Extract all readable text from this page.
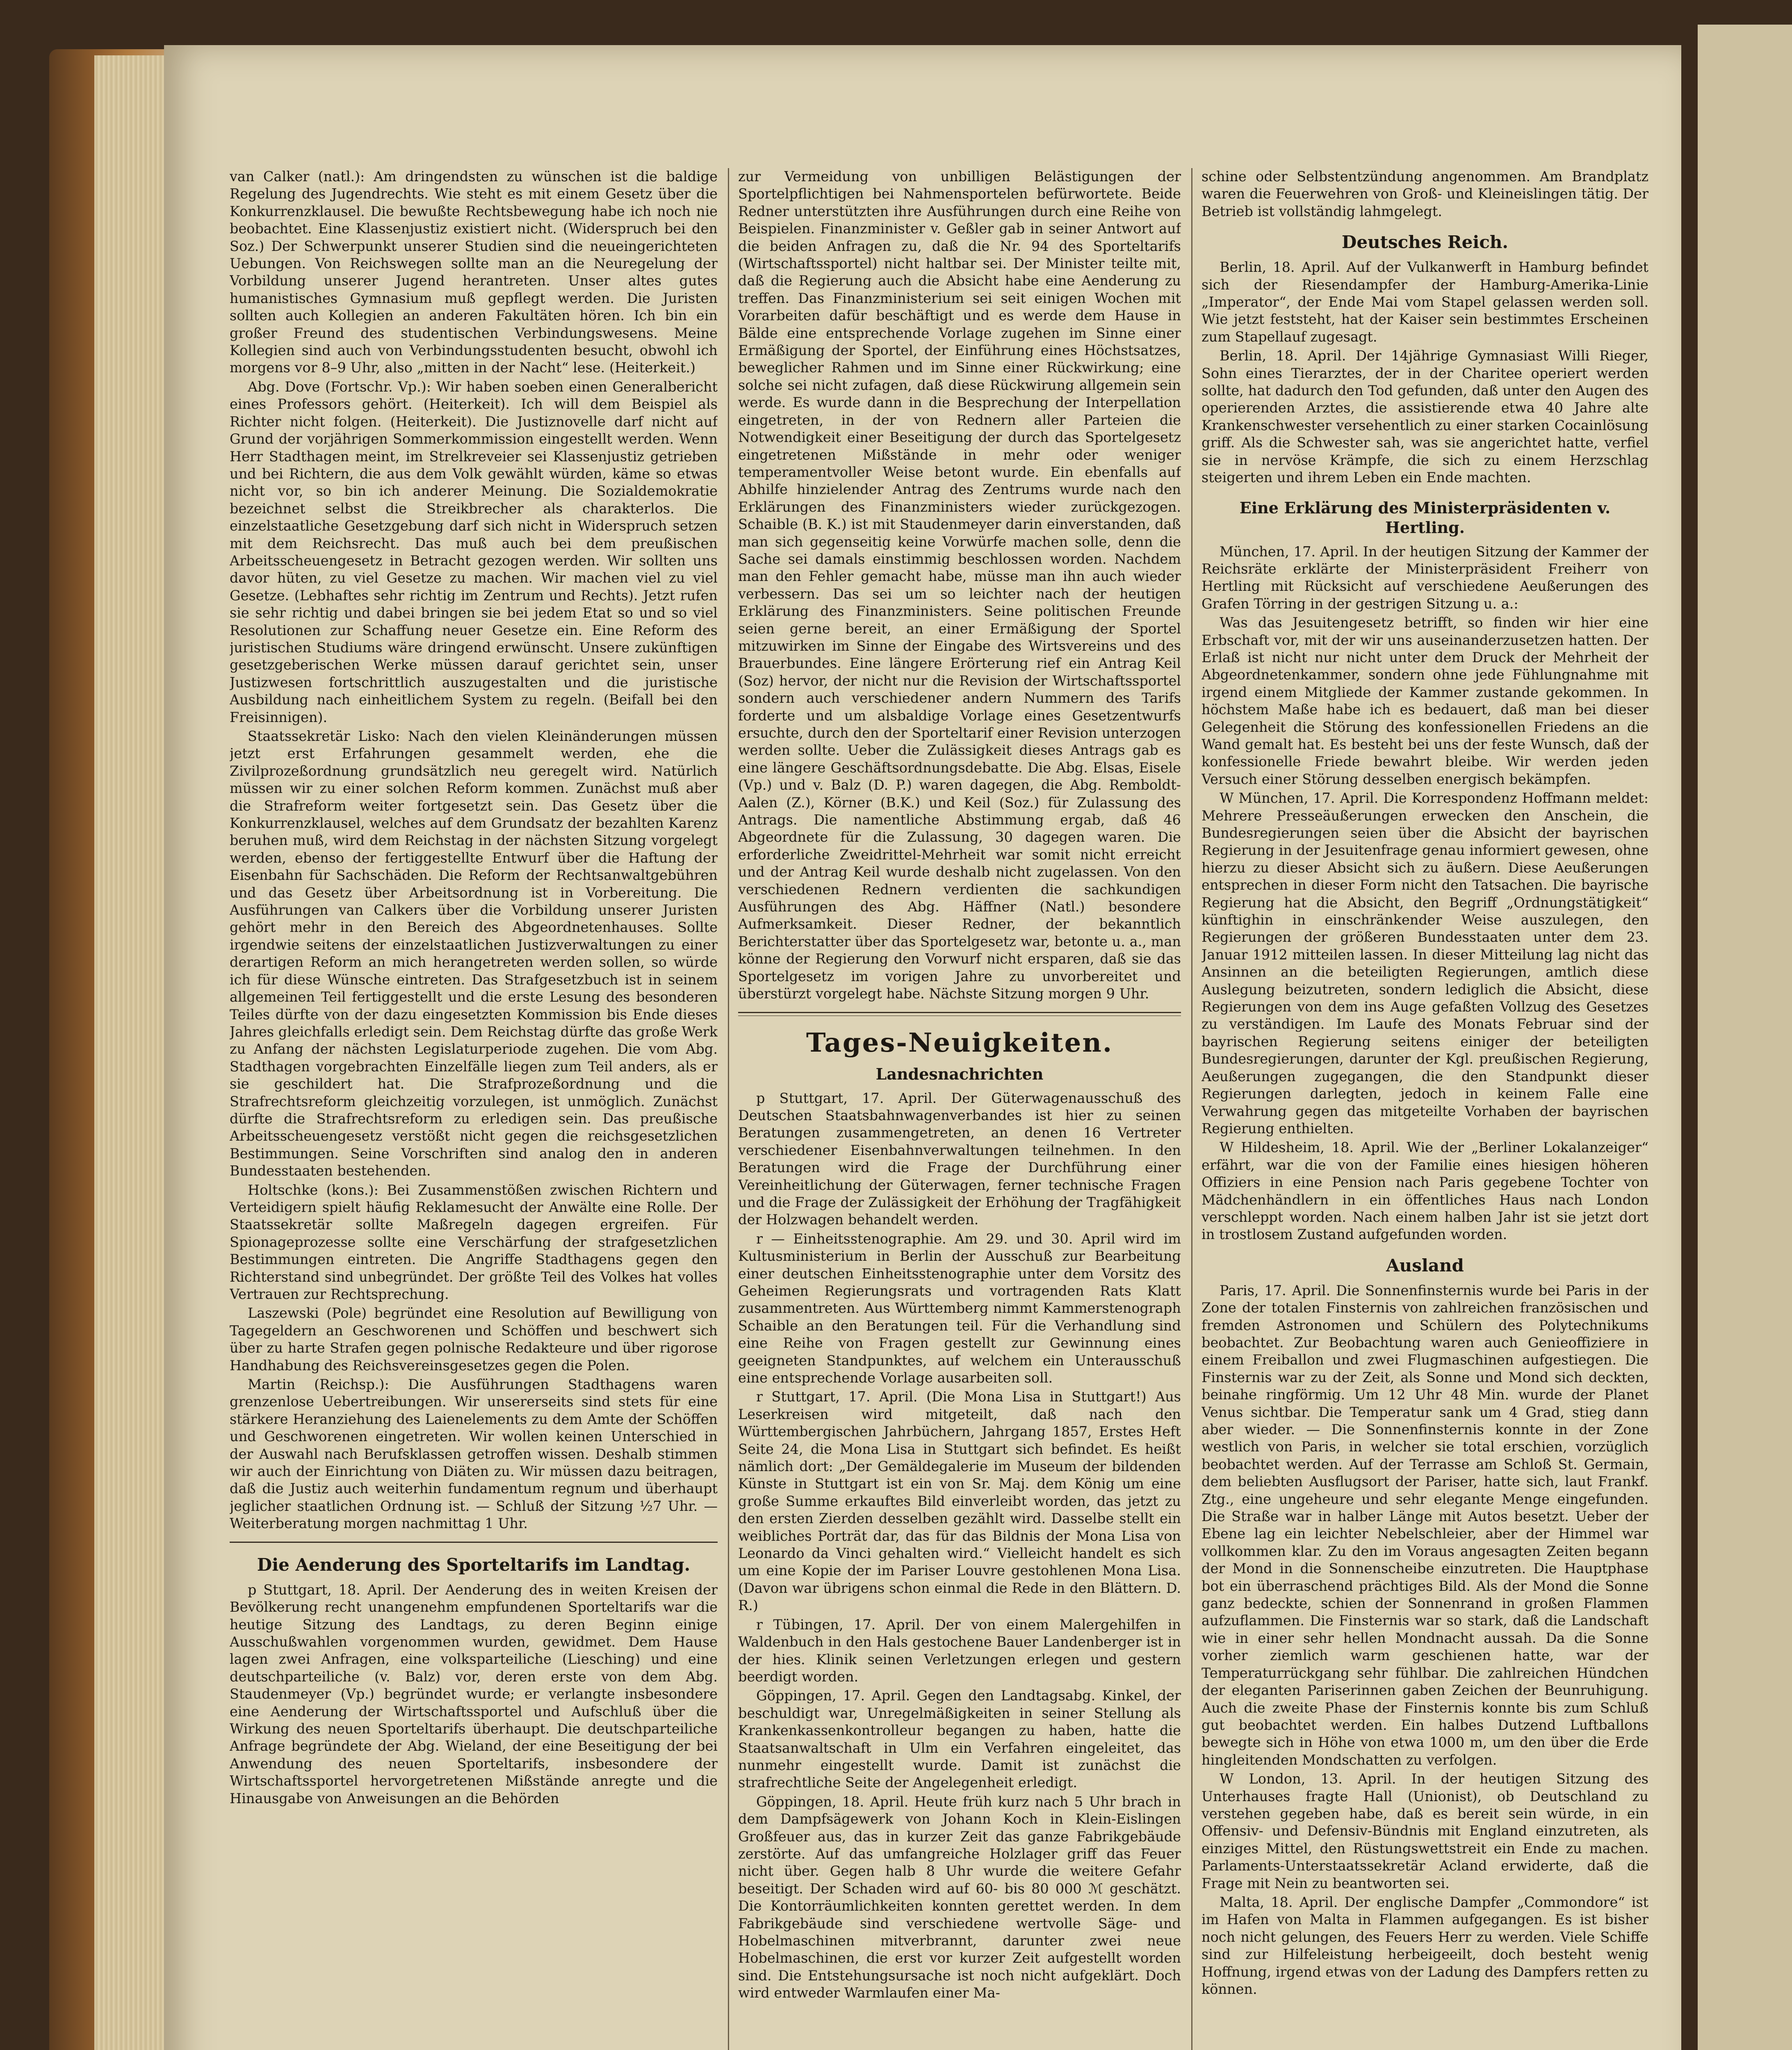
van Calker (natl.): Am dringendsten zu wünschen ist die baldige Regelung des Jugendrechts. Wie steht es mit einem Gesetz über die Konkurrenzklausel. Die bewußte Rechtsbewegung habe ich noch nie beobachtet. Eine Klassenjustiz existiert nicht. (Widerspruch bei den Soz.) Der Schwerpunkt unserer Studien sind die neueingerichteten Uebungen. Von Reichswegen sollte man an die Neuregelung der Vorbildung unserer Jugend herantreten. Unser altes gutes humanistisches Gymnasium muß gepflegt werden. Die Juristen sollten auch Kollegien an anderen Fakultäten hören. Ich bin ein großer Freund des studentischen Verbindungswesens. Meine Kollegien sind auch von Verbindungsstudenten besucht, obwohl ich morgens vor 8–9 Uhr, also „mitten in der Nacht“ lese. (Heiterkeit.)

Abg. Dove (Fortschr. Vp.): Wir haben soeben einen Generalbericht eines Professors gehört. (Heiterkeit). Ich will dem Beispiel als Richter nicht folgen. (Heiterkeit). Die Justiznovelle darf nicht auf Grund der vorjährigen Sommerkommission eingestellt werden. Wenn Herr Stadthagen meint, im Strelkreveier sei Klassenjustiz getrieben und bei Richtern, die aus dem Volk gewählt würden, käme so etwas nicht vor, so bin ich anderer Meinung. Die Sozialdemokratie bezeichnet selbst die Streikbrecher als charakterlos. Die einzelstaatliche Gesetzgebung darf sich nicht in Widerspruch setzen mit dem Reichsrecht. Das muß auch bei dem preußischen Arbeitsscheuengesetz in Betracht gezogen werden. Wir sollten uns davor hüten, zu viel Gesetze zu machen. Wir machen viel zu viel Gesetze. (Lebhaftes sehr richtig im Zentrum und Rechts). Jetzt rufen sie sehr richtig und dabei bringen sie bei jedem Etat so und so viel Resolutionen zur Schaffung neuer Gesetze ein. Eine Reform des juristischen Studiums wäre dringend erwünscht. Unsere zukünftigen gesetzgeberischen Werke müssen darauf gerichtet sein, unser Justizwesen fortschrittlich auszugestalten und die juristische Ausbildung nach einheitlichem System zu regeln. (Beifall bei den Freisinnigen).

Staatssekretär Lisko: Nach den vielen Kleinänderungen müssen jetzt erst Erfahrungen gesammelt werden, ehe die Zivilprozeßordnung grundsätzlich neu geregelt wird. Natürlich müssen wir zu einer solchen Reform kommen. Zunächst muß aber die Strafreform weiter fortgesetzt sein. Das Gesetz über die Konkurrenzklausel, welches auf dem Grundsatz der bezahlten Karenz beruhen muß, wird dem Reichstag in der nächsten Sitzung vorgelegt werden, ebenso der fertiggestellte Entwurf über die Haftung der Eisenbahn für Sachschäden. Die Reform der Rechtsanwaltgebühren und das Gesetz über Arbeitsordnung ist in Vorbereitung. Die Ausführungen van Calkers über die Vorbildung unserer Juristen gehört mehr in den Bereich des Abgeordnetenhauses. Sollte irgendwie seitens der einzelstaatlichen Justizverwaltungen zu einer derartigen Reform an mich herangetreten werden sollen, so würde ich für diese Wünsche eintreten. Das Strafgesetzbuch ist in seinem allgemeinen Teil fertiggestellt und die erste Lesung des besonderen Teiles dürfte von der dazu eingesetzten Kommission bis Ende dieses Jahres gleichfalls erledigt sein. Dem Reichstag dürfte das große Werk zu Anfang der nächsten Legislaturperiode zugehen. Die vom Abg. Stadthagen vorgebrachten Einzelfälle liegen zum Teil anders, als er sie geschildert hat. Die Strafprozeßordnung und die Strafrechtsreform gleichzeitig vorzulegen, ist unmöglich. Zunächst dürfte die Strafrechtsreform zu erledigen sein. Das preußische Arbeitsscheuengesetz verstößt nicht gegen die reichsgesetzlichen Bestimmungen. Seine Vorschriften sind analog den in anderen Bundesstaaten bestehenden.

Holtschke (kons.): Bei Zusammenstößen zwischen Richtern und Verteidigern spielt häufig Reklamesucht der Anwälte eine Rolle. Der Staatssekretär sollte Maßregeln dagegen ergreifen. Für Spionageprozesse sollte eine Verschärfung der strafgesetzlichen Bestimmungen eintreten. Die Angriffe Stadthagens gegen den Richterstand sind unbegründet. Der größte Teil des Volkes hat volles Vertrauen zur Rechtsprechung.

Laszewski (Pole) begründet eine Resolution auf Bewilligung von Tagegeldern an Geschworenen und Schöffen und beschwert sich über zu harte Strafen gegen polnische Redakteure und über rigorose Handhabung des Reichsvereinsgesetzes gegen die Polen.

Martin (Reichsp.): Die Ausführungen Stadthagens waren grenzenlose Uebertreibungen. Wir unsererseits sind stets für eine stärkere Heranziehung des Laienelements zu dem Amte der Schöffen und Geschworenen eingetreten. Wir wollen keinen Unterschied in der Auswahl nach Berufsklassen getroffen wissen. Deshalb stimmen wir auch der Einrichtung von Diäten zu. Wir müssen dazu beitragen, daß die Justiz auch weiterhin fundamentum regnum und überhaupt jeglicher staatlichen Ordnung ist. — Schluß der Sitzung ½7 Uhr. — Weiterberatung morgen nachmittag 1 Uhr.

Die Aenderung des Sporteltarifs im Landtag.

p Stuttgart, 18. April. Der Aenderung des in weiten Kreisen der Bevölkerung recht unangenehm empfundenen Sporteltarifs war die heutige Sitzung des Landtags, zu deren Beginn einige Ausschußwahlen vorgenommen wurden, gewidmet. Dem Hause lagen zwei Anfragen, eine volksparteiliche (Liesching) und eine deutschparteiliche (v. Balz) vor, deren erste von dem Abg. Staudenmeyer (Vp.) begründet wurde; er verlangte insbesondere eine Aenderung der Wirtschaftssportel und Aufschluß über die Wirkung des neuen Sporteltarifs überhaupt. Die deutschparteiliche Anfrage begründete der Abg. Wieland, der eine Beseitigung der bei Anwendung des neuen Sporteltarifs, insbesondere der Wirtschaftssportel hervorgetretenen Mißstände anregte und die Hinausgabe von Anweisungen an die Behörden

zur Vermeidung von unbilligen Belästigungen der Sportelpflichtigen bei Nahmensportelen befürwortete. Beide Redner unterstützten ihre Ausführungen durch eine Reihe von Beispielen. Finanzminister v. Geßler gab in seiner Antwort auf die beiden Anfragen zu, daß die Nr. 94 des Sporteltarifs (Wirtschaftssportel) nicht haltbar sei. Der Minister teilte mit, daß die Regierung auch die Absicht habe eine Aenderung zu treffen. Das Finanzministerium sei seit einigen Wochen mit Vorarbeiten dafür beschäftigt und es werde dem Hause in Bälde eine entsprechende Vorlage zugehen im Sinne einer Ermäßigung der Sportel, der Einführung eines Höchstsatzes, beweglicher Rahmen und im Sinne einer Rückwirkung; eine solche sei nicht zufagen, daß diese Rückwirung allgemein sein werde. Es wurde dann in die Besprechung der Interpellation eingetreten, in der von Rednern aller Parteien die Notwendigkeit einer Beseitigung der durch das Sportelgesetz eingetretenen Mißstände in mehr oder weniger temperamentvoller Weise betont wurde. Ein ebenfalls auf Abhilfe hinzielender Antrag des Zentrums wurde nach den Erklärungen des Finanzministers wieder zurückgezogen. Schaible (B. K.) ist mit Staudenmeyer darin einverstanden, daß man sich gegenseitig keine Vorwürfe machen solle, denn die Sache sei damals einstimmig beschlossen worden. Nachdem man den Fehler gemacht habe, müsse man ihn auch wieder verbessern. Das sei um so leichter nach der heutigen Erklärung des Finanzministers. Seine politischen Freunde seien gerne bereit, an einer Ermäßigung der Sportel mitzuwirken im Sinne der Eingabe des Wirtsvereins und des Brauerbundes. Eine längere Erörterung rief ein Antrag Keil (Soz) hervor, der nicht nur die Revision der Wirtschaftssportel sondern auch verschiedener andern Nummern des Tarifs forderte und um alsbaldige Vorlage eines Gesetzentwurfs ersuchte, durch den der Sporteltarif einer Revision unterzogen werden sollte. Ueber die Zulässigkeit dieses Antrags gab es eine längere Geschäftsordnungsdebatte. Die Abg. Elsas, Eisele (Vp.) und v. Balz (D. P.) waren dagegen, die Abg. Remboldt-Aalen (Z.), Körner (B.K.) und Keil (Soz.) für Zulassung des Antrags. Die namentliche Abstimmung ergab, daß 46 Abgeordnete für die Zulassung, 30 dagegen waren. Die erforderliche Zweidrittel-Mehrheit war somit nicht erreicht und der Antrag Keil wurde deshalb nicht zugelassen. Von den verschiedenen Rednern verdienten die sachkundigen Ausführungen des Abg. Häffner (Natl.) besondere Aufmerksamkeit. Dieser Redner, der bekanntlich Berichterstatter über das Sportelgesetz war, betonte u. a., man könne der Regierung den Vorwurf nicht ersparen, daß sie das Sportelgesetz im vorigen Jahre zu unvorbereitet und überstürzt vorgelegt habe. Nächste Sitzung morgen 9 Uhr.

Tages-Neuigkeiten.
Landesnachrichten

p Stuttgart, 17. April. Der Güterwagenausschuß des Deutschen Staatsbahnwagenverbandes ist hier zu seinen Beratungen zusammengetreten, an denen 16 Vertreter verschiedener Eisenbahnverwaltungen teilnehmen. In den Beratungen wird die Frage der Durchführung einer Vereinheitlichung der Güterwagen, ferner technische Fragen und die Frage der Zulässigkeit der Erhöhung der Tragfähigkeit der Holzwagen behandelt werden.

r — Einheitsstenographie. Am 29. und 30. April wird im Kultusministerium in Berlin der Ausschuß zur Bearbeitung einer deutschen Einheitsstenographie unter dem Vorsitz des Geheimen Regierungsrats und vortragenden Rats Klatt zusammentreten. Aus Württemberg nimmt Kammerstenograph Schaible an den Beratungen teil. Für die Verhandlung sind eine Reihe von Fragen gestellt zur Gewinnung eines geeigneten Standpunktes, auf welchem ein Unterausschuß eine entsprechende Vorlage ausarbeiten soll.

r Stuttgart, 17. April. (Die Mona Lisa in Stuttgart!) Aus Leserkreisen wird mitgeteilt, daß nach den Württembergischen Jahrbüchern, Jahrgang 1857, Erstes Heft Seite 24, die Mona Lisa in Stuttgart sich befindet. Es heißt nämlich dort: „Der Gemäldegalerie im Museum der bildenden Künste in Stuttgart ist ein von Sr. Maj. dem König um eine große Summe erkauftes Bild einverleibt worden, das jetzt zu den ersten Zierden desselben gezählt wird. Dasselbe stellt ein weibliches Porträt dar, das für das Bildnis der Mona Lisa von Leonardo da Vinci gehalten wird.“ Vielleicht handelt es sich um eine Kopie der im Pariser Louvre gestohlenen Mona Lisa. (Davon war übrigens schon einmal die Rede in den Blättern. D. R.)

r Tübingen, 17. April. Der von einem Malergehilfen in Waldenbuch in den Hals gestochene Bauer Landenberger ist in der hies. Klinik seinen Verletzungen erlegen und gestern beerdigt worden.

Göppingen, 17. April. Gegen den Landtagsabg. Kinkel, der beschuldigt war, Unregelmäßigkeiten in seiner Stellung als Krankenkassenkontrolleur begangen zu haben, hatte die Staatsanwaltschaft in Ulm ein Verfahren eingeleitet, das nunmehr eingestellt wurde. Damit ist zunächst die strafrechtliche Seite der Angelegenheit erledigt.

Göppingen, 18. April. Heute früh kurz nach 5 Uhr brach in dem Dampfsägewerk von Johann Koch in Klein-Eislingen Großfeuer aus, das in kurzer Zeit das ganze Fabrikgebäude zerstörte. Auf das umfangreiche Holzlager griff das Feuer nicht über. Gegen halb 8 Uhr wurde die weitere Gefahr beseitigt. Der Schaden wird auf 60- bis 80 000 ℳ geschätzt. Die Kontorräumlichkeiten konnten gerettet werden. In dem Fabrikgebäude sind verschiedene wertvolle Säge- und Hobelmaschinen mitverbrannt, darunter zwei neue Hobelmaschinen, die erst vor kurzer Zeit aufgestellt worden sind. Die Entstehungsursache ist noch nicht aufgeklärt. Doch wird entweder Warmlaufen einer Ma-

schine oder Selbstentzündung angenommen. Am Brandplatz waren die Feuerwehren von Groß- und Kleineislingen tätig. Der Betrieb ist vollständig lahmgelegt.

Deutsches Reich.

Berlin, 18. April. Auf der Vulkanwerft in Hamburg befindet sich der Riesendampfer der Hamburg-Amerika-Linie „Imperator“, der Ende Mai vom Stapel gelassen werden soll. Wie jetzt feststeht, hat der Kaiser sein bestimmtes Erscheinen zum Stapellauf zugesagt.

Berlin, 18. April. Der 14jährige Gymnasiast Willi Rieger, Sohn eines Tierarztes, der in der Charitee operiert werden sollte, hat dadurch den Tod gefunden, daß unter den Augen des operierenden Arztes, die assistierende etwa 40 Jahre alte Krankenschwester versehentlich zu einer starken Cocainlösung griff. Als die Schwester sah, was sie angerichtet hatte, verfiel sie in nervöse Krämpfe, die sich zu einem Herzschlag steigerten und ihrem Leben ein Ende machten.

Eine Erklärung des Ministerpräsidenten v. Hertling.

München, 17. April. In der heutigen Sitzung der Kammer der Reichsräte erklärte der Ministerpräsident Freiherr von Hertling mit Rücksicht auf verschiedene Aeußerungen des Grafen Törring in der gestrigen Sitzung u. a.:

Was das Jesuitengesetz betrifft, so finden wir hier eine Erbschaft vor, mit der wir uns auseinanderzusetzen hatten. Der Erlaß ist nicht nur nicht unter dem Druck der Mehrheit der Abgeordnetenkammer, sondern ohne jede Fühlungnahme mit irgend einem Mitgliede der Kammer zustande gekommen. In höchstem Maße habe ich es bedauert, daß man bei dieser Gelegenheit die Störung des konfessionellen Friedens an die Wand gemalt hat. Es besteht bei uns der feste Wunsch, daß der konfessionelle Friede bewahrt bleibe. Wir werden jeden Versuch einer Störung desselben energisch bekämpfen.

W München, 17. April. Die Korrespondenz Hoffmann meldet: Mehrere Presseäußerungen erwecken den Anschein, die Bundesregierungen seien über die Absicht der bayrischen Regierung in der Jesuitenfrage genau informiert gewesen, ohne hierzu zu dieser Absicht sich zu äußern. Diese Aeußerungen entsprechen in dieser Form nicht den Tatsachen. Die bayrische Regierung hat die Absicht, den Begriff „Ordnungstätigkeit“ künftighin in einschränkender Weise auszulegen, den Regierungen der größeren Bundesstaaten unter dem 23. Januar 1912 mitteilen lassen. In dieser Mitteilung lag nicht das Ansinnen an die beteiligten Regierungen, amtlich diese Auslegung beizutreten, sondern lediglich die Absicht, diese Regierungen von dem ins Auge gefaßten Vollzug des Gesetzes zu verständigen. Im Laufe des Monats Februar sind der bayrischen Regierung seitens einiger der beteiligten Bundesregierungen, darunter der Kgl. preußischen Regierung, Aeußerungen zugegangen, die den Standpunkt dieser Regierungen darlegten, jedoch in keinem Falle eine Verwahrung gegen das mitgeteilte Vorhaben der bayrischen Regierung enthielten.

W Hildesheim, 18. April. Wie der „Berliner Lokalanzeiger“ erfährt, war die von der Familie eines hiesigen höheren Offiziers in eine Pension nach Paris gegebene Tochter von Mädchenhändlern in ein öffentliches Haus nach London verschleppt worden. Nach einem halben Jahr ist sie jetzt dort in trostlosem Zustand aufgefunden worden.

Ausland

Paris, 17. April. Die Sonnenfinsternis wurde bei Paris in der Zone der totalen Finsternis von zahlreichen französischen und fremden Astronomen und Schülern des Polytechnikums beobachtet. Zur Beobachtung waren auch Genieoffiziere in einem Freiballon und zwei Flugmaschinen aufgestiegen. Die Finsternis war zu der Zeit, als Sonne und Mond sich deckten, beinahe ringförmig. Um 12 Uhr 48 Min. wurde der Planet Venus sichtbar. Die Temperatur sank um 4 Grad, stieg dann aber wieder. — Die Sonnenfinsternis konnte in der Zone westlich von Paris, in welcher sie total erschien, vorzüglich beobachtet werden. Auf der Terrasse am Schloß St. Germain, dem beliebten Ausflugsort der Pariser, hatte sich, laut Frankf. Ztg., eine ungeheure und sehr elegante Menge eingefunden. Die Straße war in halber Länge mit Autos besetzt. Ueber der Ebene lag ein leichter Nebelschleier, aber der Himmel war vollkommen klar. Zu den im Voraus angesagten Zeiten begann der Mond in die Sonnenscheibe einzutreten. Die Hauptphase bot ein überraschend prächtiges Bild. Als der Mond die Sonne ganz bedeckte, schien der Sonnenrand in großen Flammen aufzuflammen. Die Finsternis war so stark, daß die Landschaft wie in einer sehr hellen Mondnacht aussah. Da die Sonne vorher ziemlich warm geschienen hatte, war der Temperaturrückgang sehr fühlbar. Die zahlreichen Hündchen der eleganten Pariserinnen gaben Zeichen der Beunruhigung. Auch die zweite Phase der Finsternis konnte bis zum Schluß gut beobachtet werden. Ein halbes Dutzend Luftballons bewegte sich in Höhe von etwa 1000 m, um den über die Erde hingleitenden Mondschatten zu verfolgen.

W London, 13. April. In der heutigen Sitzung des Unterhauses fragte Hall (Unionist), ob Deutschland zu verstehen gegeben habe, daß es bereit sein würde, in ein Offensiv- und Defensiv-Bündnis mit England einzutreten, als einziges Mittel, den Rüstungswettstreit ein Ende zu machen. Parlaments-Unterstaatssekretär Acland erwiderte, daß die Frage mit Nein zu beantworten sei.

Malta, 18. April. Der englische Dampfer „Commondore“ ist im Hafen von Malta in Flammen aufgegangen. Es ist bisher noch nicht gelungen, des Feuers Herr zu werden. Viele Schiffe sind zur Hilfeleistung herbeigeeilt, doch besteht wenig Hoffnung, irgend etwas von der Ladung des Dampfers retten zu können.
